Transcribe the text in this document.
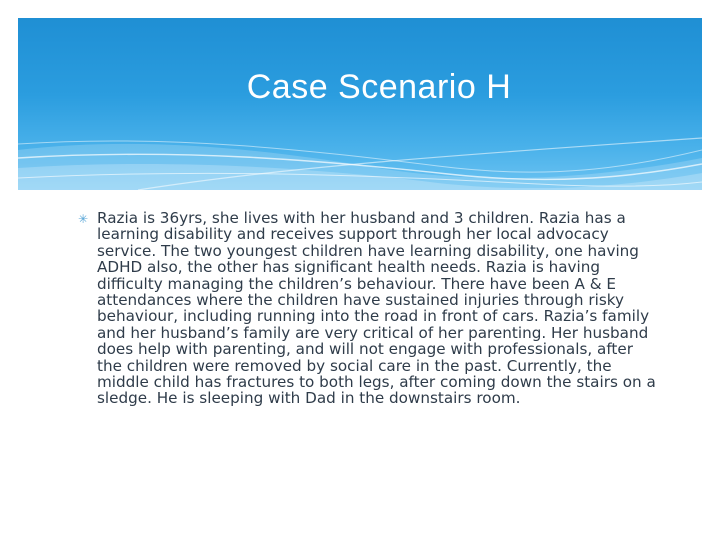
Case Scenario H
✳ Razia is 36yrs, she lives with her husband and 3 children. Razia has a learning disability and receives support through her local advocacy service. The two youngest children have learning disability, one having ADHD also, the other has significant health needs. Razia is having difficulty managing the children’s behaviour. There have been A & E attendances where the children have sustained injuries through risky behaviour, including running into the road in front of cars. Razia’s family and her husband’s family are very critical of her parenting. Her husband does help with parenting, and will not engage with professionals, after the children were removed by social care in the past. Currently, the middle child has fractures to both legs, after coming down the stairs on a sledge. He is sleeping with Dad in the downstairs room.
